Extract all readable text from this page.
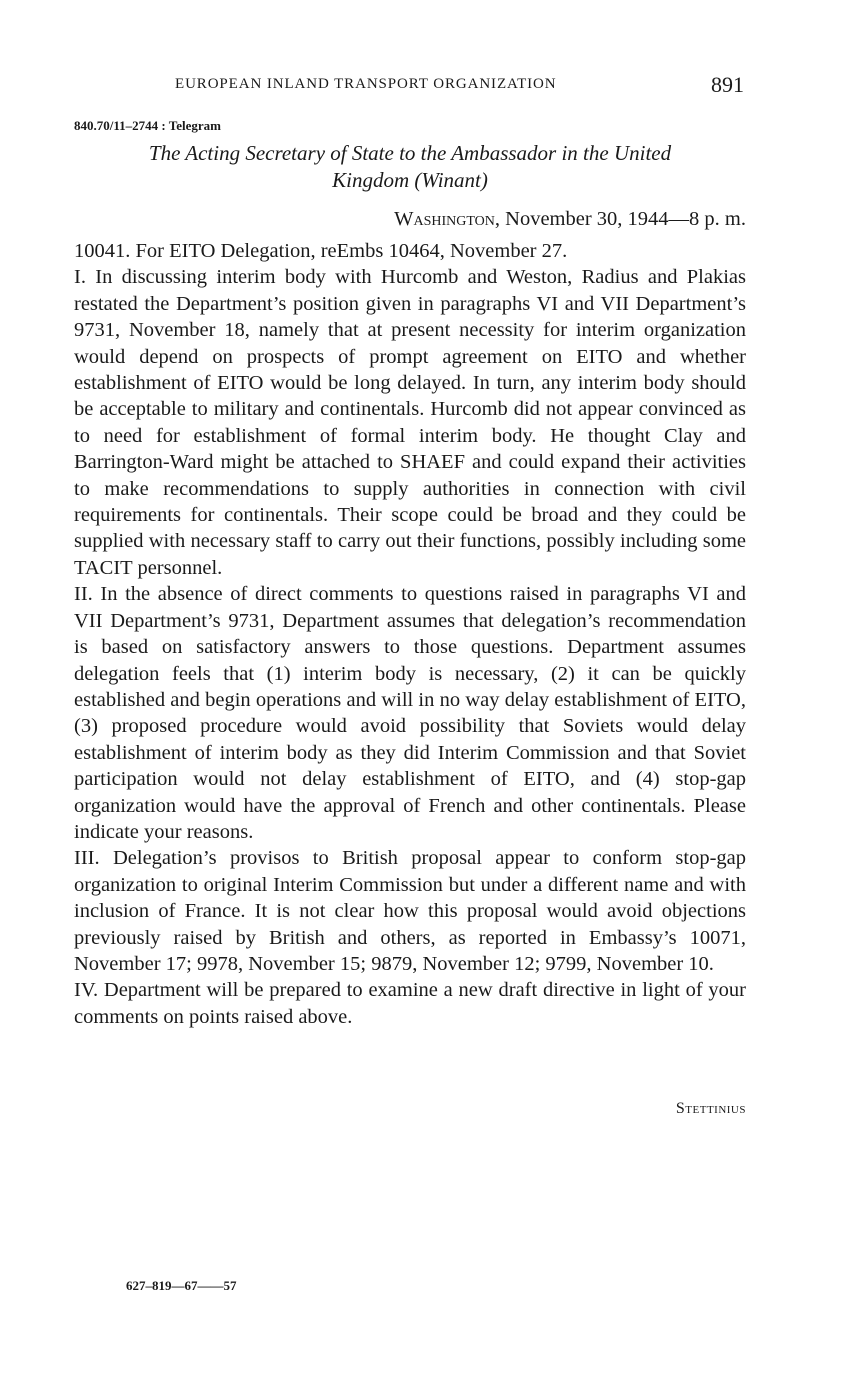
EUROPEAN INLAND TRANSPORT ORGANIZATION	891
840.70/11–2744 : Telegram
The Acting Secretary of State to the Ambassador in the United
Kingdom (Winant)
Washington, November 30, 1944—8 p. m.

10041. For EITO Delegation, reEmbs 10464, November 27.

I. In discussing interim body with Hurcomb and Weston, Radius and Plakias restated the Department’s position given in paragraphs VI and VII Department’s 9731, November 18, namely that at present necessity for interim organization would depend on prospects of prompt agreement on EITO and whether establishment of EITO would be long delayed. In turn, any interim body should be acceptable to military and continentals. Hurcomb did not appear convinced as to need for establishment of formal interim body. He thought Clay and Barrington-Ward might be attached to SHAEF and could expand their activities to make recommendations to supply authorities in connection with civil requirements for continentals. Their scope could be broad and they could be supplied with necessary staff to carry out their functions, possibly including some TACIT personnel.

II. In the absence of direct comments to questions raised in paragraphs VI and VII Department’s 9731, Department assumes that delegation’s recommendation is based on satisfactory answers to those questions. Department assumes delegation feels that (1) interim body is necessary, (2) it can be quickly established and begin operations and will in no way delay establishment of EITO, (3) proposed procedure would avoid possibility that Soviets would delay establishment of interim body as they did Interim Commission and that Soviet participation would not delay establishment of EITO, and (4) stop-gap organization would have the approval of French and other continentals. Please indicate your reasons.

III. Delegation’s provisos to British proposal appear to conform stop-gap organization to original Interim Commission but under a different name and with inclusion of France. It is not clear how this proposal would avoid objections previously raised by British and others, as reported in Embassy’s 10071, November 17; 9978, November 15; 9879, November 12; 9799, November 10.

IV. Department will be prepared to examine a new draft directive in light of your comments on points raised above.

Stettinius
627–819—67——57
